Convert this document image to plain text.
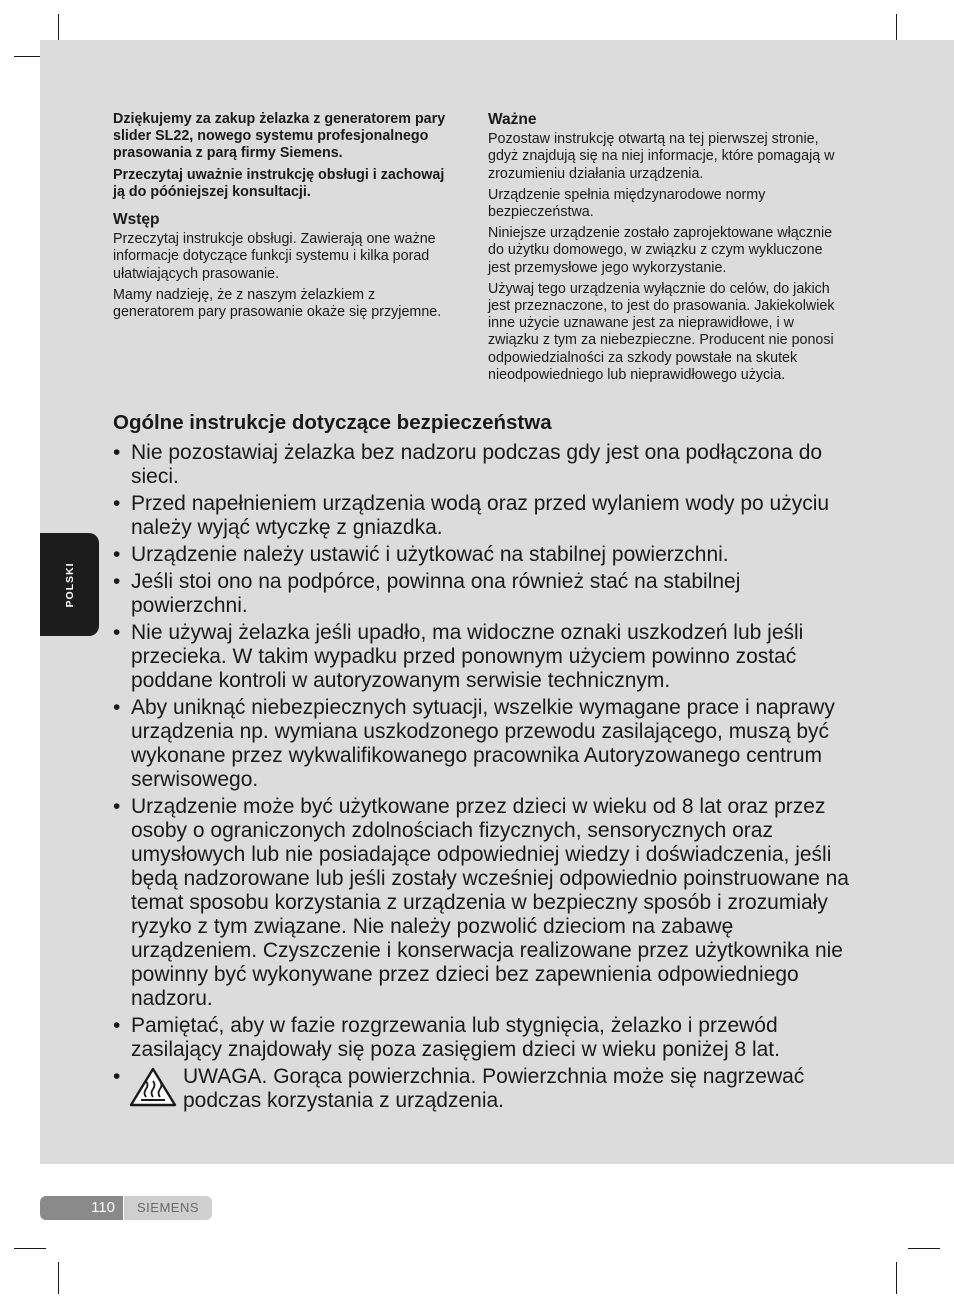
POLSKI

Dziękujemy za zakup żelazka z generatorem pary slider SL22, nowego systemu profesjonalnego prasowania z parą firmy Siemens.

Przeczytaj uważnie instrukcję obsługi i zachowaj ją do póóniejszej konsultacji.

Wstęp

Przeczytaj instrukcje obsługi. Zawierają one ważne informacje dotyczące funkcji systemu i kilka porad ułatwiających prasowanie.

Mamy nadzieję, że z naszym żelazkiem z generatorem pary prasowanie okaże się przyjemne.

Ważne

Pozostaw instrukcję otwartą na tej pierwszej stronie, gdyż znajdują się na niej informacje, które pomagają w zrozumieniu działania urządzenia.

Urządzenie spełnia międzynarodowe normy bezpieczeństwa.

Niniejsze urządzenie zostało zaprojektowane włącznie do użytku domowego, w związku z czym wykluczone jest przemysłowe jego wykorzystanie.

Używaj tego urządzenia wyłącznie do celów, do jakich jest przeznaczone, to jest do prasowania. Jakiekolwiek inne użycie uznawane jest za nieprawidłowe, i w związku z tym za niebezpieczne. Producent nie ponosi odpowiedzialności za szkody powstałe na skutek nieodpowiedniego lub nieprawidłowego użycia.

Ogólne instrukcje dotyczące bezpieczeństwa
• Nie pozostawiaj żelazka bez nadzoru podczas gdy jest ona podłączona do sieci.
• Przed napełnieniem urządzenia wodą oraz przed wylaniem wody po użyciu należy wyjąć wtyczkę z gniazdka.
• Urządzenie należy ustawić i użytkować na stabilnej powierzchni.
• Jeśli stoi ono na podpórce, powinna ona również stać na stabilnej powierzchni.
• Nie używaj żelazka jeśli upadło, ma widoczne oznaki uszkodzeń lub jeśli przecieka. W takim wypadku przed ponownym użyciem powinno zostać poddane kontroli w autoryzowanym serwisie technicznym.
• Aby uniknąć niebezpiecznych sytuacji, wszelkie wymagane prace i naprawy urządzenia np. wymiana uszkodzonego przewodu zasilającego, muszą być wykonane przez wykwalifikowanego pracownika Autoryzowanego centrum serwisowego.
• Urządzenie może być użytkowane przez dzieci w wieku od 8 lat oraz przez osoby o ograniczonych zdolnościach fizycznych, sensorycznych oraz umysłowych lub nie posiadające odpowiedniej wiedzy i doświadczenia, jeśli będą nadzorowane lub jeśli zostały wcześniej odpowiednio poinstruowane na temat sposobu korzystania z urządzenia w bezpieczny sposób i zrozumiały ryzyko z tym związane. Nie należy pozwolić dzieciom na zabawę urządzeniem. Czyszczenie i konserwacja realizowane przez użytkownika nie powinny być wykonywane przez dzieci bez zapewnienia odpowiedniego nadzoru.
• Pamiętać, aby w fazie rozgrzewania lub stygnięcia, żelazko i przewód zasilający znajdowały się poza zasięgiem dzieci w wieku poniżej 8 lat.
•	UWAGA. Gorąca powierzchnia. Powierzchnia może się nagrzewać podczas korzystania z urządzenia.
110	SIEMENS
